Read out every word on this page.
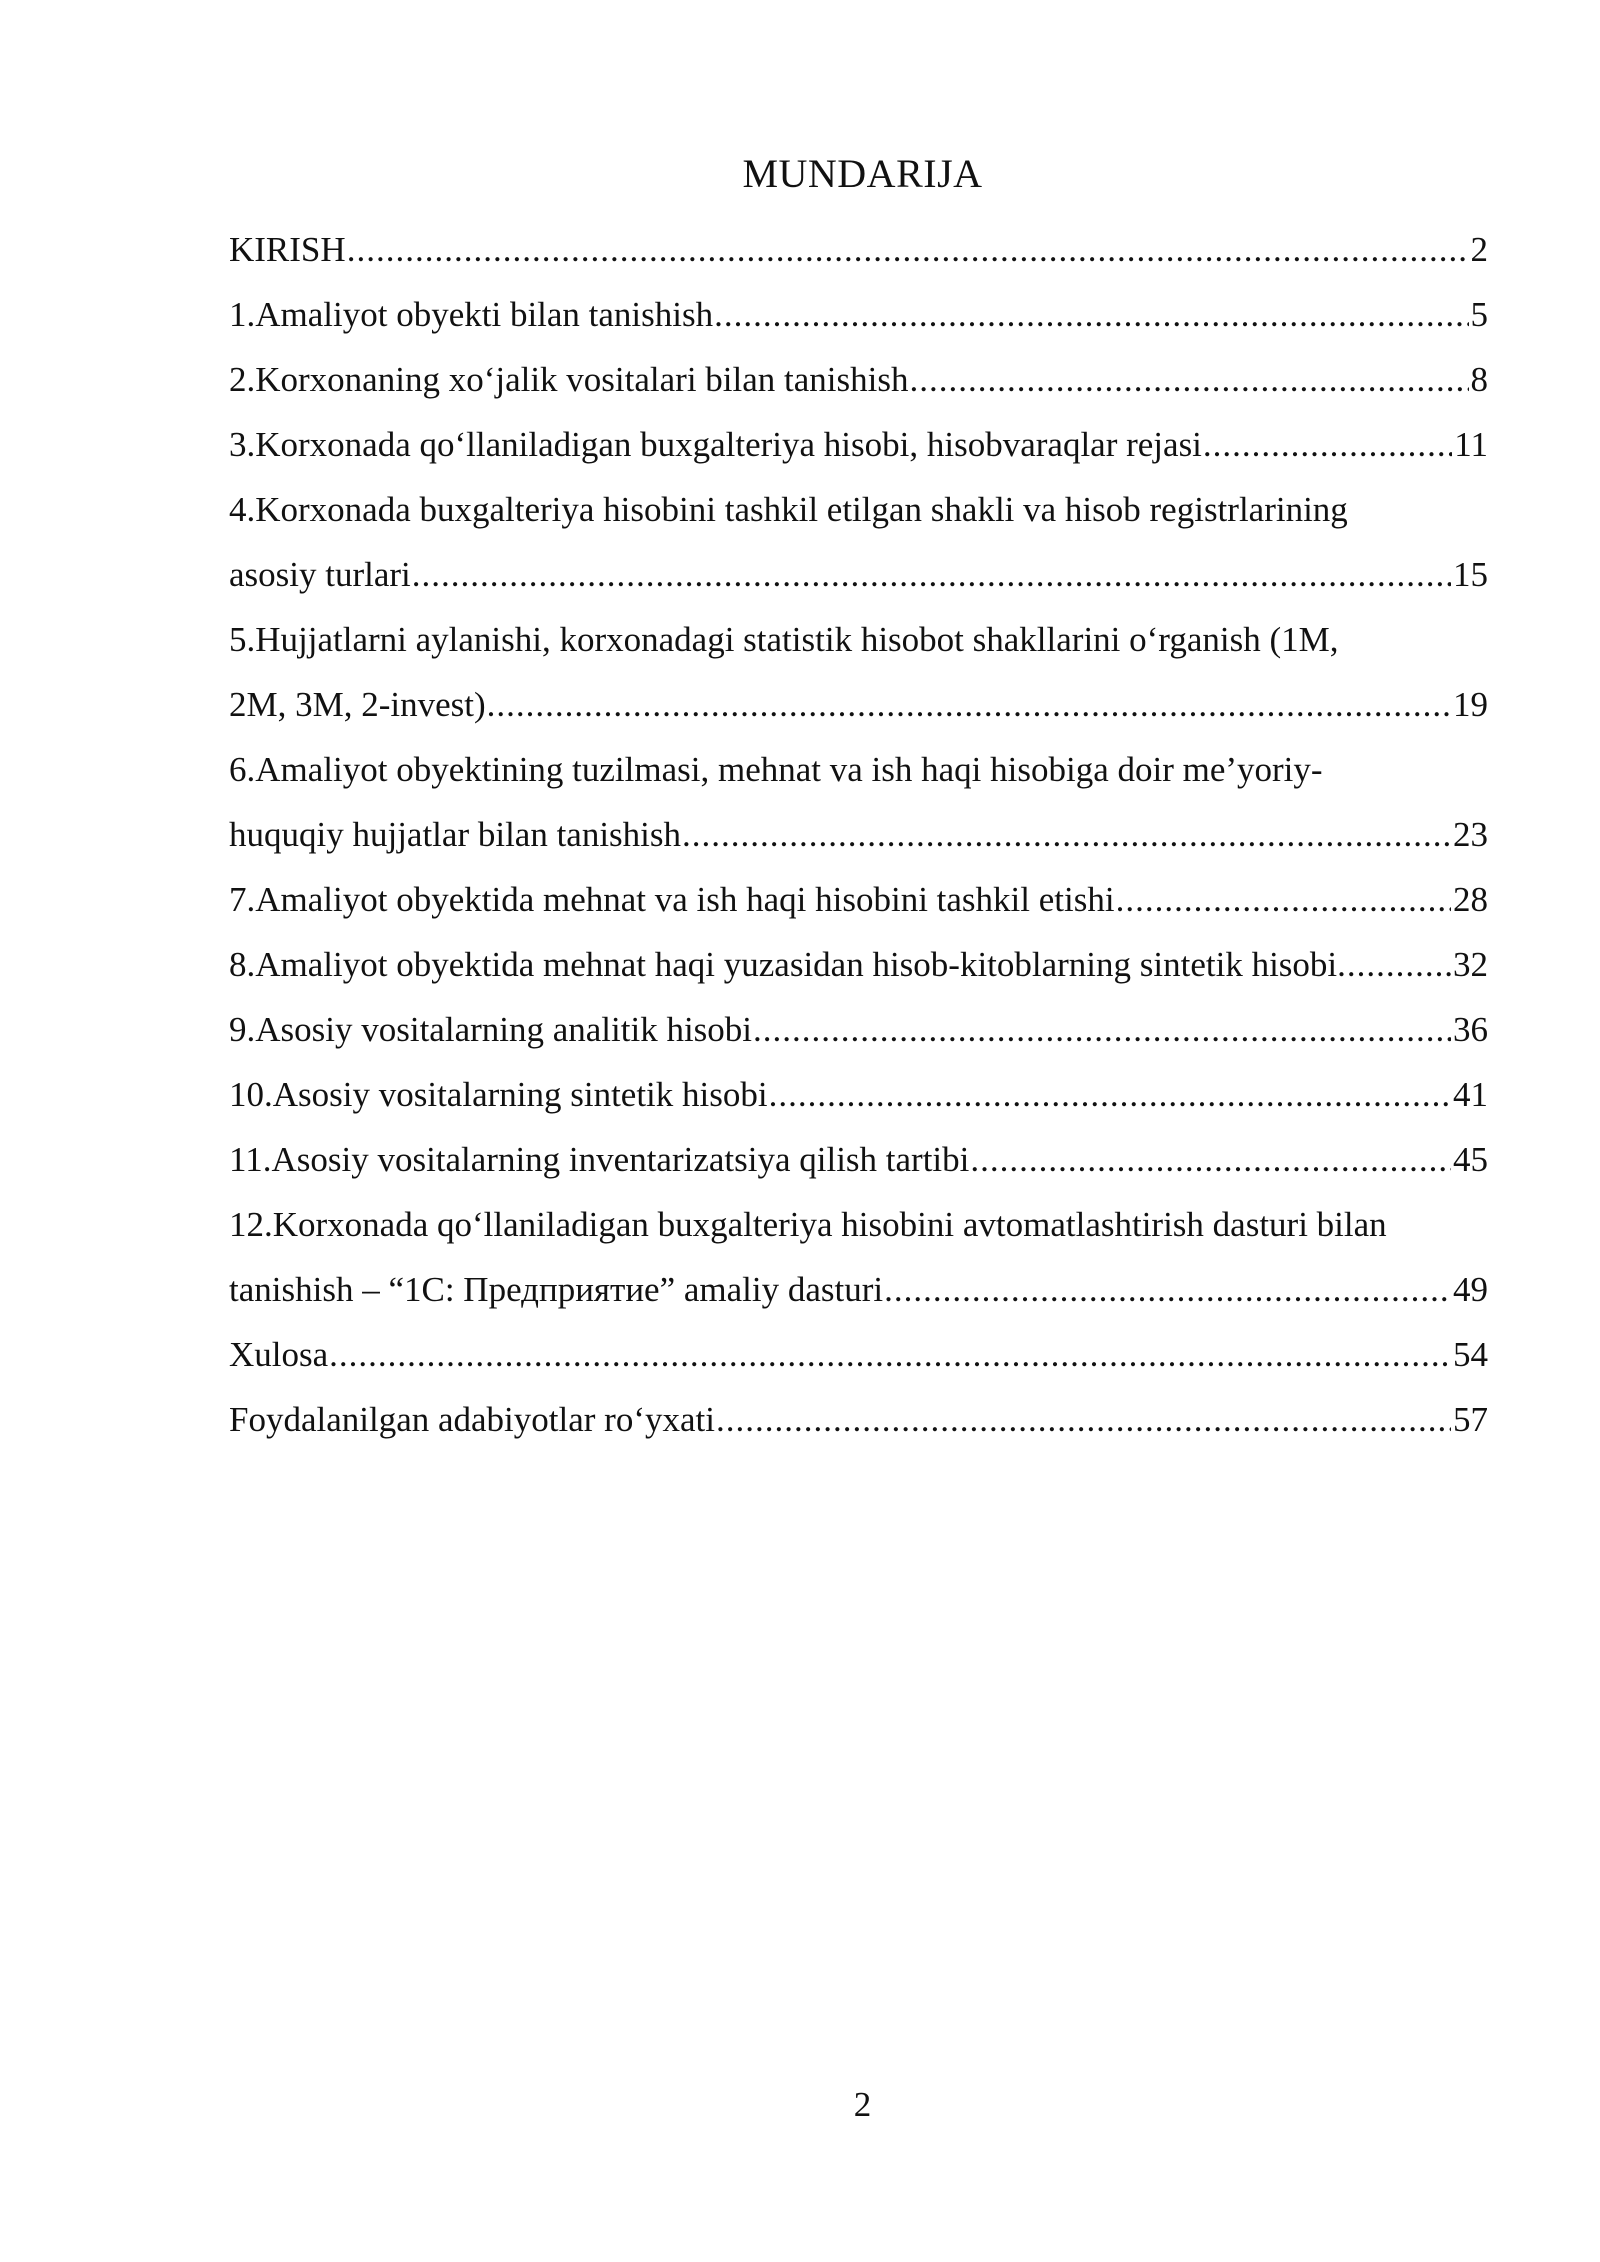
MUNDARIJA
KIRISH .....	2
1.Amaliyot obyekti bilan tanishish .....	5
2.Korxonaning xo‘jalik vositalari bilan tanishish .....	8
3.Korxonada qo‘llaniladigan buxgalteriya hisobi, hisobvaraqlar rejasi .....	11
4.Korxonada buxgalteriya hisobini tashkil etilgan shakli va hisob registrlarining
asosiy turlari .....	15
5.Hujjatlarni aylanishi, korxonadagi statistik hisobot shakllarini o‘rganish (1M,
2M, 3M, 2-invest) .....	19
6.Amaliyot obyektining tuzilmasi, mehnat va ish haqi hisobiga doir me’yoriy-
huquqiy hujjatlar bilan tanishish .....	23
7.Amaliyot obyektida mehnat va ish haqi hisobini tashkil etishi .....	28
8.Amaliyot obyektida mehnat haqi yuzasidan hisob-kitoblarning sintetik hisobi. .....	.32
9.Asosiy vositalarning analitik hisobi .....	36
10.Asosiy vositalarning sintetik hisobi .....	41
11.Asosiy vositalarning inventarizatsiya qilish tartibi .....	45
12.Korxonada qo‘llaniladigan buxgalteriya hisobini avtomatlashtirish dasturi bilan
tanishish – “1C: Предприятие” amaliy dasturi .....	49
Xulosa .....	54
Foydalanilgan adabiyotlar ro‘yxati .....	57
2
